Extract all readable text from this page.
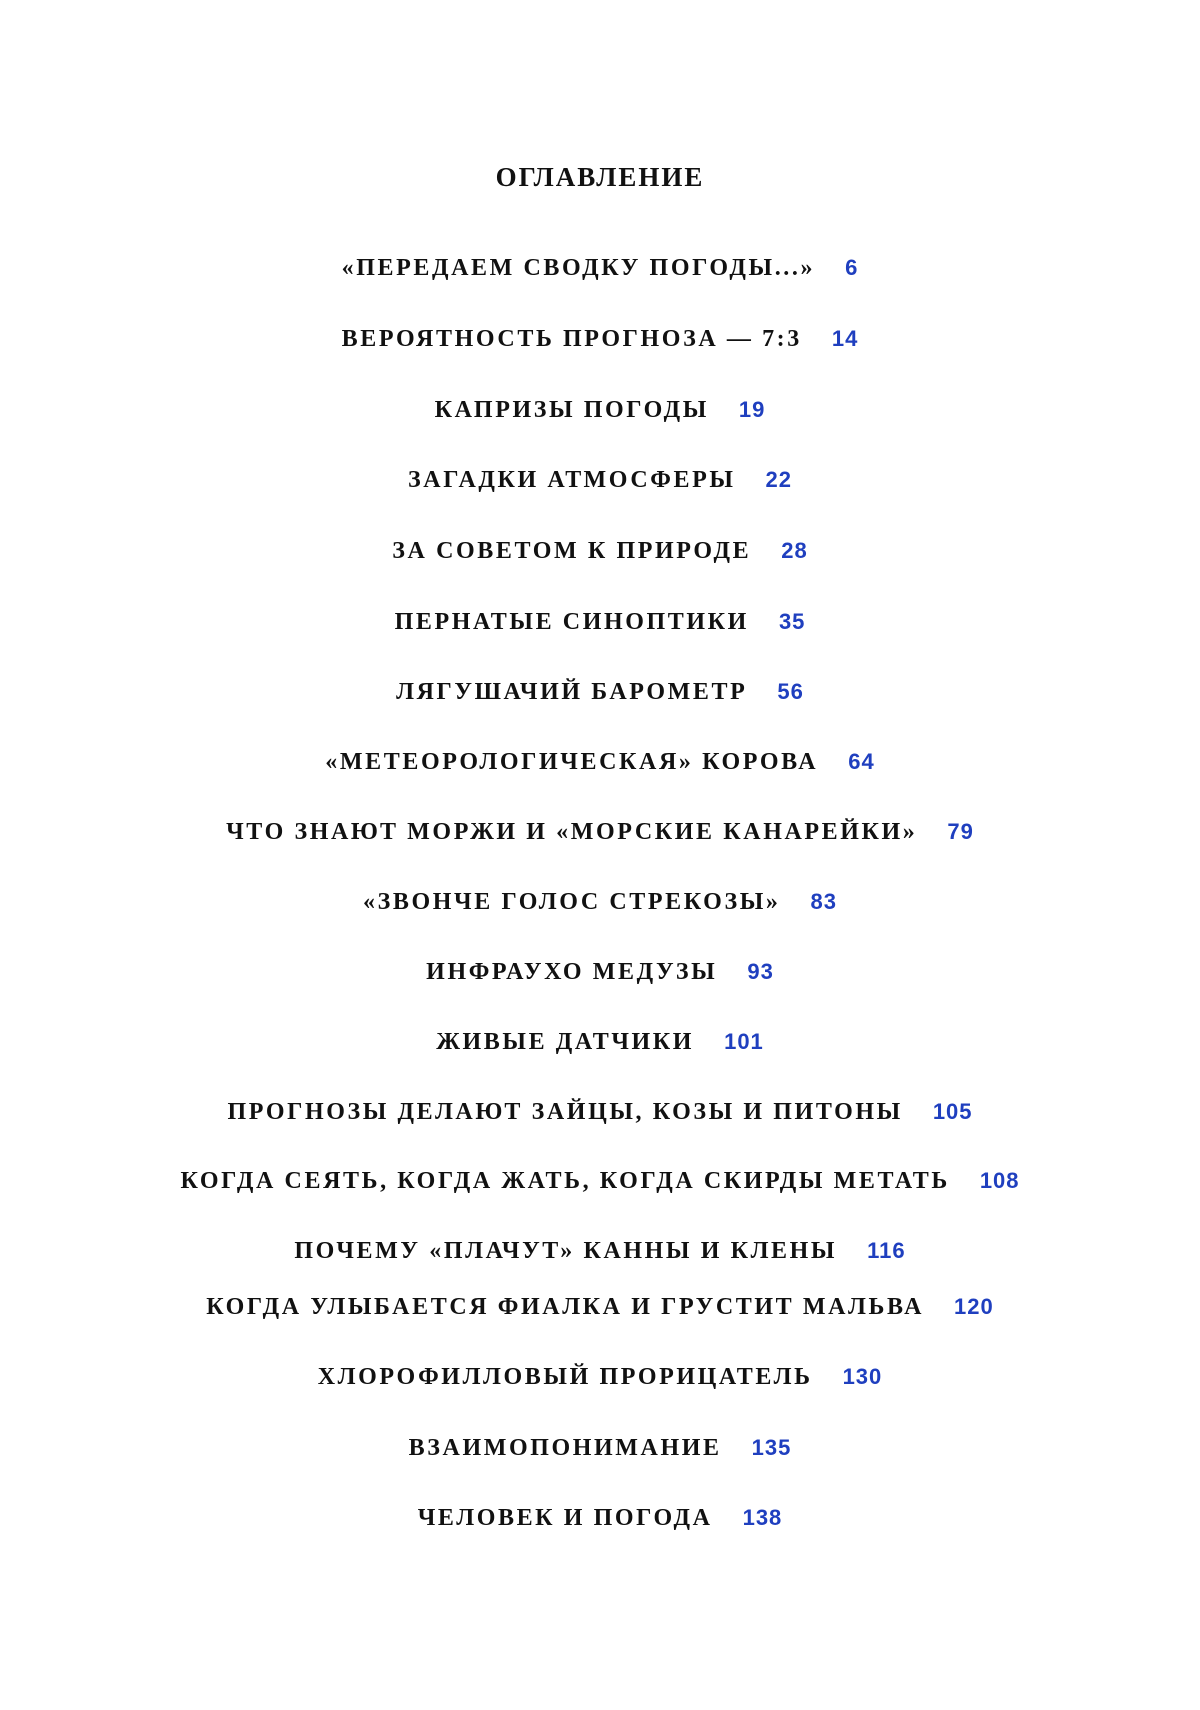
ОГЛАВЛЕНИЕ
«ПЕРЕДАЕМ СВОДКУ ПОГОДЫ...» 6
ВЕРОЯТНОСТЬ ПРОГНОЗА — 7:3 14
КАПРИЗЫ ПОГОДЫ 19
ЗАГАДКИ АТМОСФЕРЫ 22
ЗА СОВЕТОМ К ПРИРОДЕ 28
ПЕРНАТЫЕ СИНОПТИКИ 35
ЛЯГУШАЧИЙ БАРОМЕТР 56
«МЕТЕОРОЛОГИЧЕСКАЯ» КОРОВА 64
ЧТО ЗНАЮТ МОРЖИ И «МОРСКИЕ КАНАРЕЙКИ» 79
«ЗВОНЧЕ ГОЛОС СТРЕКОЗЫ» 83
ИНФРАУХО МЕДУЗЫ 93
ЖИВЫЕ ДАТЧИКИ 101
ПРОГНОЗЫ ДЕЛАЮТ ЗАЙЦЫ, КОЗЫ И ПИТОНЫ 105
КОГДА СЕЯТЬ, КОГДА ЖАТЬ, КОГДА СКИРДЫ МЕТАТЬ 108
ПОЧЕМУ «ПЛАЧУТ» КАННЫ И КЛЕНЫ 116
КОГДА УЛЫБАЕТСЯ ФИАЛКА И ГРУСТИТ МАЛЬВА 120
ХЛОРОФИЛЛОВЫЙ ПРОРИЦАТЕЛЬ 130
ВЗАИМОПОНИМАНИЕ 135
ЧЕЛОВЕК И ПОГОДА 138
